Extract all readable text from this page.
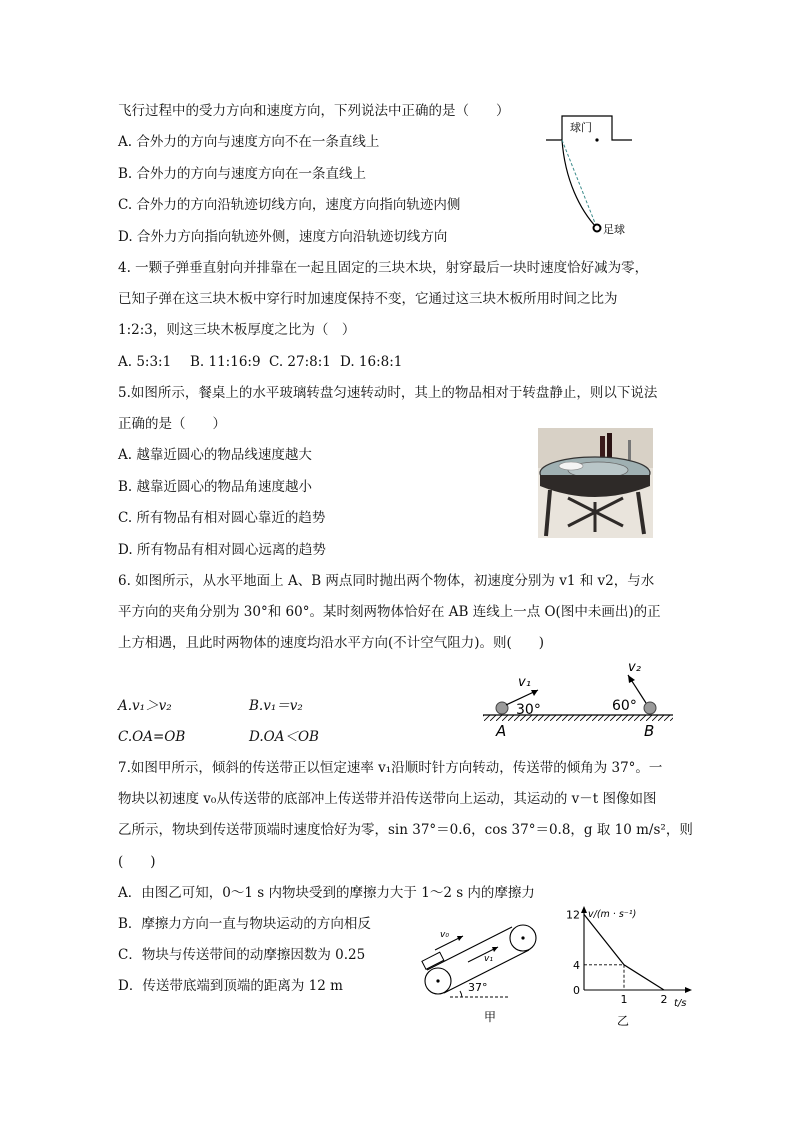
飞行过程中的受力方向和速度方向，下列说法中正确的是（　　）
A. 合外力的方向与速度方向不在一条直线上
B. 合外力的方向与速度方向在一条直线上
C. 合外力的方向沿轨迹切线方向，速度方向指向轨迹内侧
D. 合外力方向指向轨迹外侧，速度方向沿轨迹切线方向
球门
足球
4. 一颗子弹垂直射向并排靠在一起且固定的三块木块，射穿最后一块时速度恰好减为零，
已知子弹在这三块木板中穿行时加速度保持不变，它通过这三块木板所用时间之比为
1:2:3，则这三块木板厚度之比为（　）
A. 5:3:1 B. 11:16:9 C. 27:8:1 D. 16:8:1
5.如图所示，餐桌上的水平玻璃转盘匀速转动时，其上的物品相对于转盘静止，则以下说法
正确的是（　　）
A. 越靠近圆心的物品线速度越大
B. 越靠近圆心的物品角速度越小
C. 所有物品有相对圆心靠近的趋势
D. 所有物品有相对圆心远离的趋势
6. 如图所示，从水平地面上 A、B 两点同时抛出两个物体，初速度分别为 v1 和 v2，与水
平方向的夹角分别为 30°和 60°。某时刻两物体恰好在 AB 连线上一点 O(图中未画出)的正
上方相遇，且此时两物体的速度均沿水平方向(不计空气阻力)。则(　　)
A.v₁＞v₂	B.v₁＝v₂
C.OA=OB	D.OA＜OB
v₁
30°
v₂
60°
A	B
7.如图甲所示，倾斜的传送带正以恒定速率 v₁沿顺时针方向转动，传送带的倾角为 37°。一
物块以初速度 v₀从传送带的底部冲上传送带并沿传送带向上运动，其运动的 v－t 图像如图
乙所示，物块到传送带顶端时速度恰好为零，sin 37°＝0.6，cos 37°＝0.8，g 取 10 m/s²，则
(　　)
A．由图乙可知，0～1 s 内物块受到的摩擦力大于 1～2 s 内的摩擦力
B．摩擦力方向一直与物块运动的方向相反
C．物块与传送带间的动摩擦因数为 0.25
D．传送带底端到顶端的距离为 12 m
v₀
v₁
37°
甲
v/(m · s⁻¹)
t/s
12
4
0
1	2
乙
